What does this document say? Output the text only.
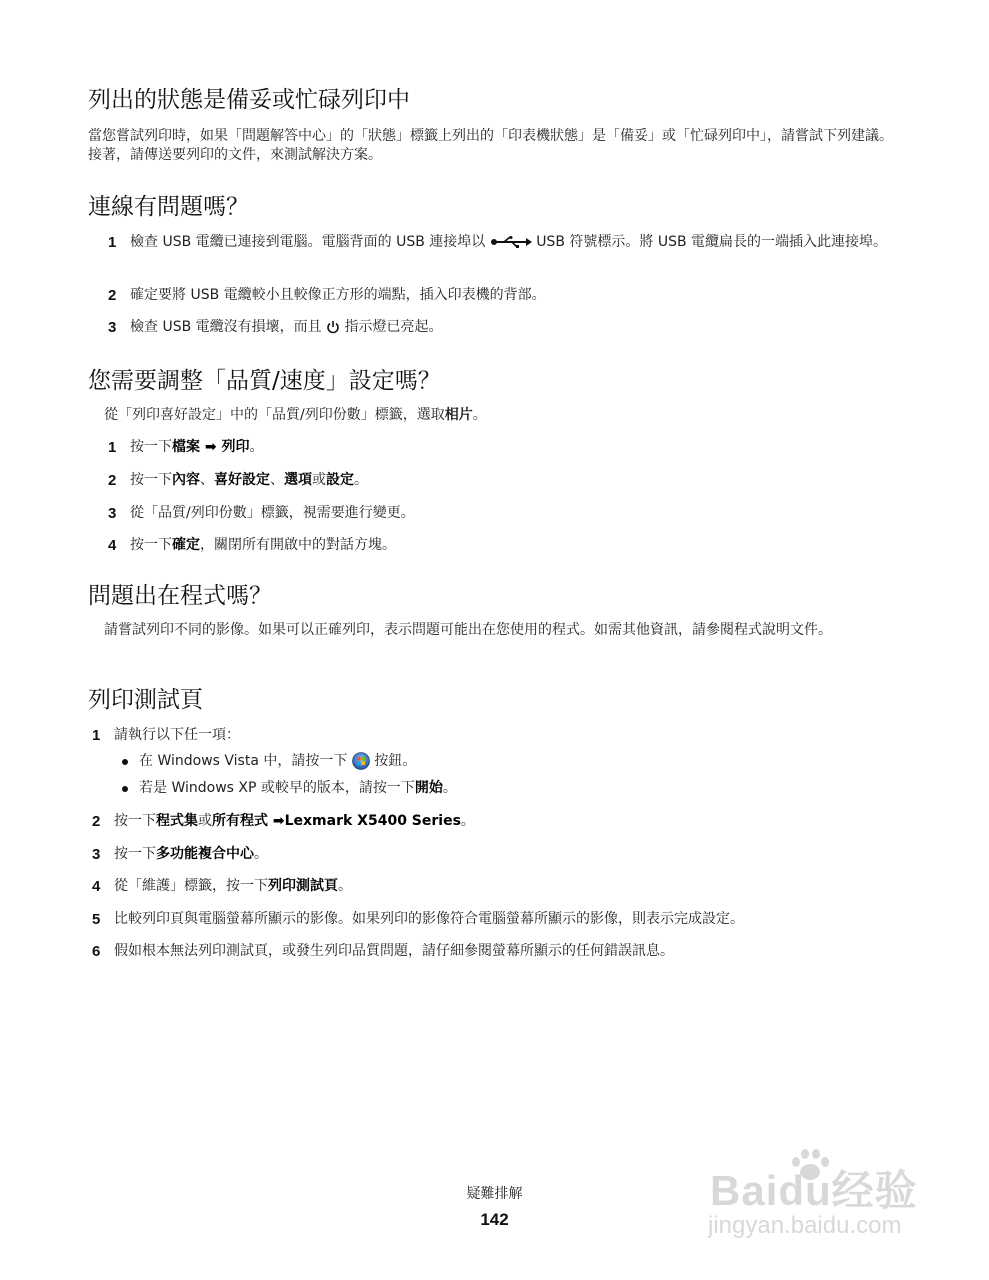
列出的狀態是備妥或忙碌列印中

當您嘗試列印時，如果「問題解答中心」的「狀態」標籤上列出的「印表機狀態」是「備妥」或「忙碌列印中」，請嘗試下列建議。接著，請傳送要列印的文件，來測試解決方案。

連線有問題嗎？
1 檢查 USB 電纜已連接到電腦。電腦背面的 USB 連接埠以	USB 符號標示。將 USB 電纜扁長的一端插入此連接埠。
2 確定要將 USB 電纜較小且較像正方形的端點，插入印表機的背部。
3 檢查 USB 電纜沒有損壞，而且 指示燈已亮起。
您需要調整「品質/速度」設定嗎？

從「列印喜好設定」中的「品質/列印份數」標籤，選取相片。

1 按一下檔案 ➡ 列印。
2 按一下內容、喜好設定、選項或設定。
3 從「品質/列印份數」標籤，視需要進行變更。
4 按一下確定，關閉所有開啟中的對話方塊。
問題出在程式嗎？

請嘗試列印不同的影像。如果可以正確列印，表示問題可能出在您使用的程式。如需其他資訊，請參閱程式說明文件。

列印測試頁
1 請執行以下任一項：
在 Windows Vista 中，請按一下 按鈕。
若是 Windows XP 或較早的版本，請按一下開始。
2 按一下程式集或所有程式 ➡Lexmark X5400 Series。
3 按一下多功能複合中心。
4 從「維護」標籤，按一下列印測試頁。
5 比較列印頁與電腦螢幕所顯示的影像。如果列印的影像符合電腦螢幕所顯示的影像，則表示完成設定。
6 假如根本無法列印測試頁，或發生列印品質問題，請仔細參閱螢幕所顯示的任何錯誤訊息。
疑難排解
142
Baidu经验
jingyan.baidu.com
